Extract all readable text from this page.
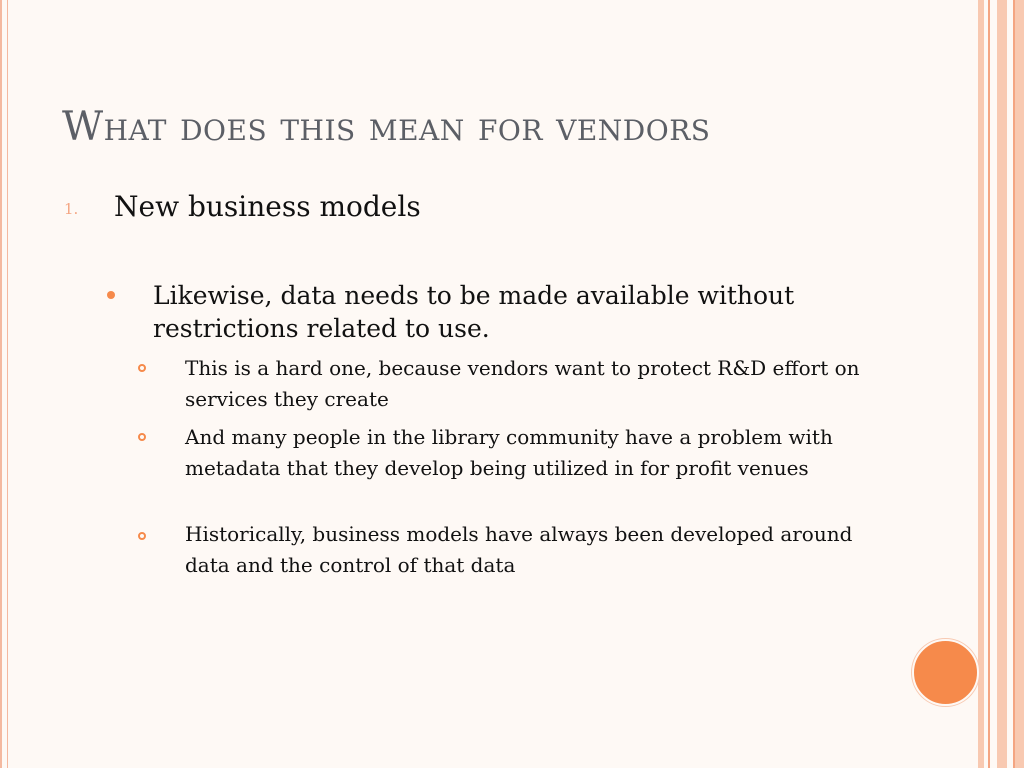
What does this mean for vendors
1. New business models
Likewise, data needs to be made available without restrictions related to use.
This is a hard one, because vendors want to protect R&D effort on services they create
And many people in the library community have a problem with metadata that they develop being utilized in for profit venues
Historically, business models have always been developed around data and the control of that data
